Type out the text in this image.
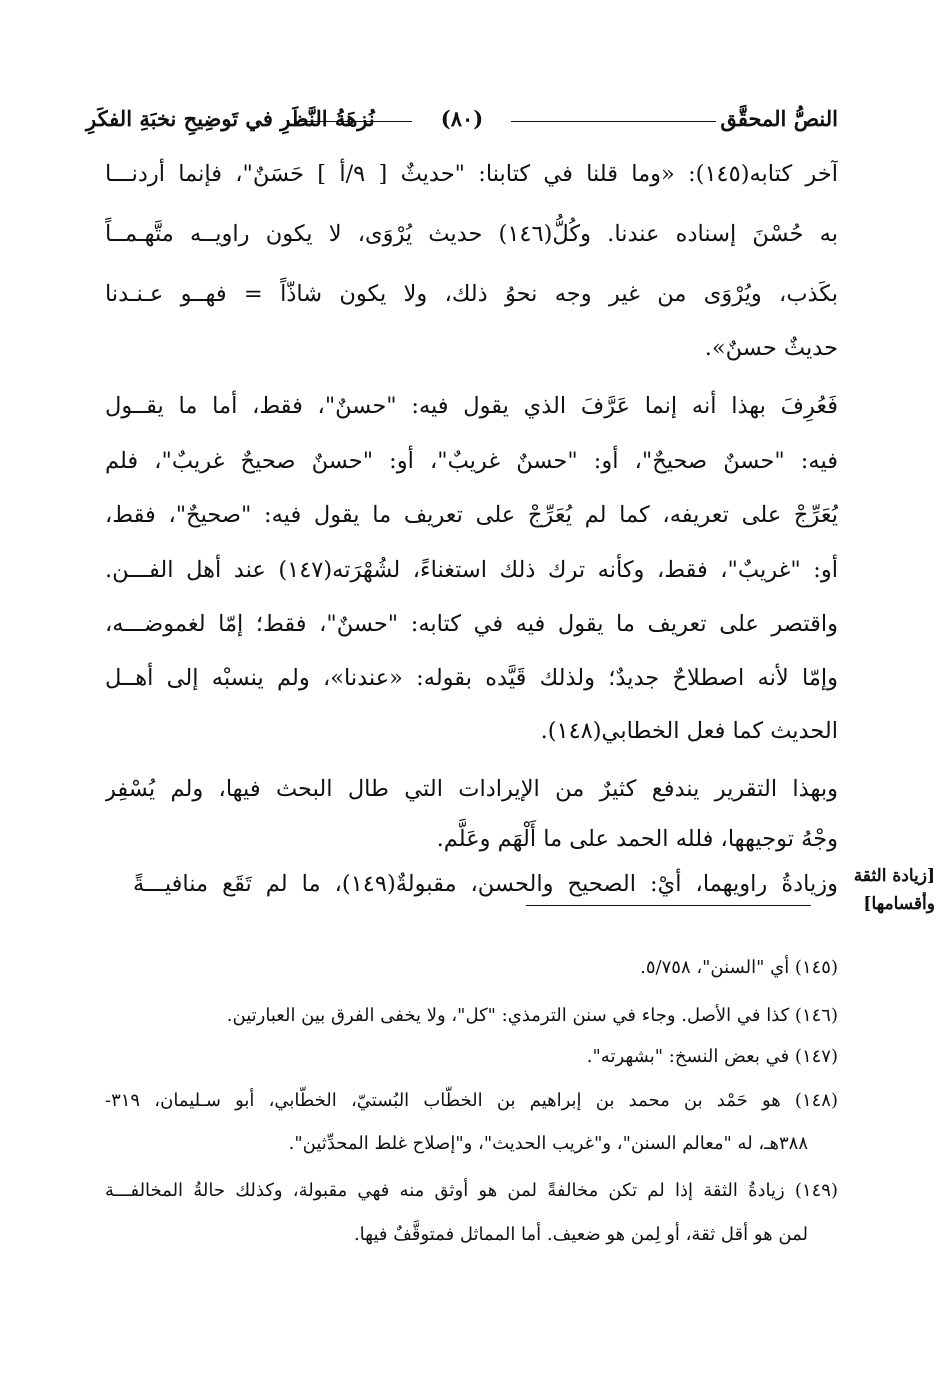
النصُّ المحقَّق
(٨٠)
نُزهَةُ النَّظَرِ في تَوضِيحِ نخبَةِ الفكَرِ
آخر كتابه(١٤٥): «وما قلنا في كتابنا: "حديثٌ [ ٩/أ ] حَسَنٌ"، فإنما أردنـــا
به حُسْنَ إسناده عندنا. وكُلُّ(١٤٦) حديث يُرْوَى، لا يكون راويــه متَّهـمــاً
بكَذب، ويُرْوَى من غير وجه نحوُ ذلك، ولا يكون شاذّاً = فهــو عـنـدنا
حديثٌ حسنٌ».
فَعُرِفَ بهذا أنه إنما عَرَّفَ الذي يقول فيه: "حسنٌ"، فقط، أما ما يقــول
فيه: "حسنٌ صحيحٌ"، أو: "حسنٌ غريبٌ"، أو: "حسنٌ صحيحٌ غريبٌ"، فلم
يُعَرِّجْ على تعريفه، كما لم يُعَرِّجْ على تعريف ما يقول فيه: "صحيحٌ"، فقط،
أو: "غريبٌ"، فقط، وكأنه ترك ذلك استغناءً، لشُهْرَته(١٤٧) عند أهل الفـــن.
واقتصر على تعريف ما يقول فيه في كتابه: "حسنٌ"، فقط؛ إمّا لغموضـــه،
وإمّا لأنه اصطلاحٌ جديدٌ؛ ولذلك قَيَّده بقوله: «عندنا»، ولم ينسبْه إلى أهــل
الحديث كما فعل الخطابي(١٤٨).
وبهذا التقرير يندفع كثيرٌ من الإيرادات التي طال البحث فيها، ولم يُسْفِر
وجْهُ توجيهها، فلله الحمد على ما أَلْهَم وعَلَّم.
[زيادة الثقة وأقسامها]
وزيادةُ راويهما، أيْ: الصحيح والحسن، مقبولةٌ(١٤٩)، ما لم تَقَع منافيـــةً
(١٤٥) أي "السنن"، ٥/٧٥٨.
(١٤٦) كذا في الأصل. وجاء في سنن الترمذي: "كل"، ولا يخفى الفرق بين العبارتين.
(١٤٧) في بعض النسخ: "بشهرته".
(١٤٨) هو حَمْد بن محمد بن إبراهيم بن الخطّاب البُستيّ، الخطّابي، أبو سـليمان، ٣١٩-
٣٨٨هـ، له "معالم السنن"، و"غريب الحديث"، و"إصلاح غلط المحدِّثين".
(١٤٩) زيادةُ الثقة إذا لم تكن مخالفةً لمن هو أوثق منه فهي مقبولة، وكذلك حالةُ المخالفـــة
لمن هو أقل ثقة، أو لِمن هو ضعيف. أما المماثل فمتوقَّفٌ فيها.
